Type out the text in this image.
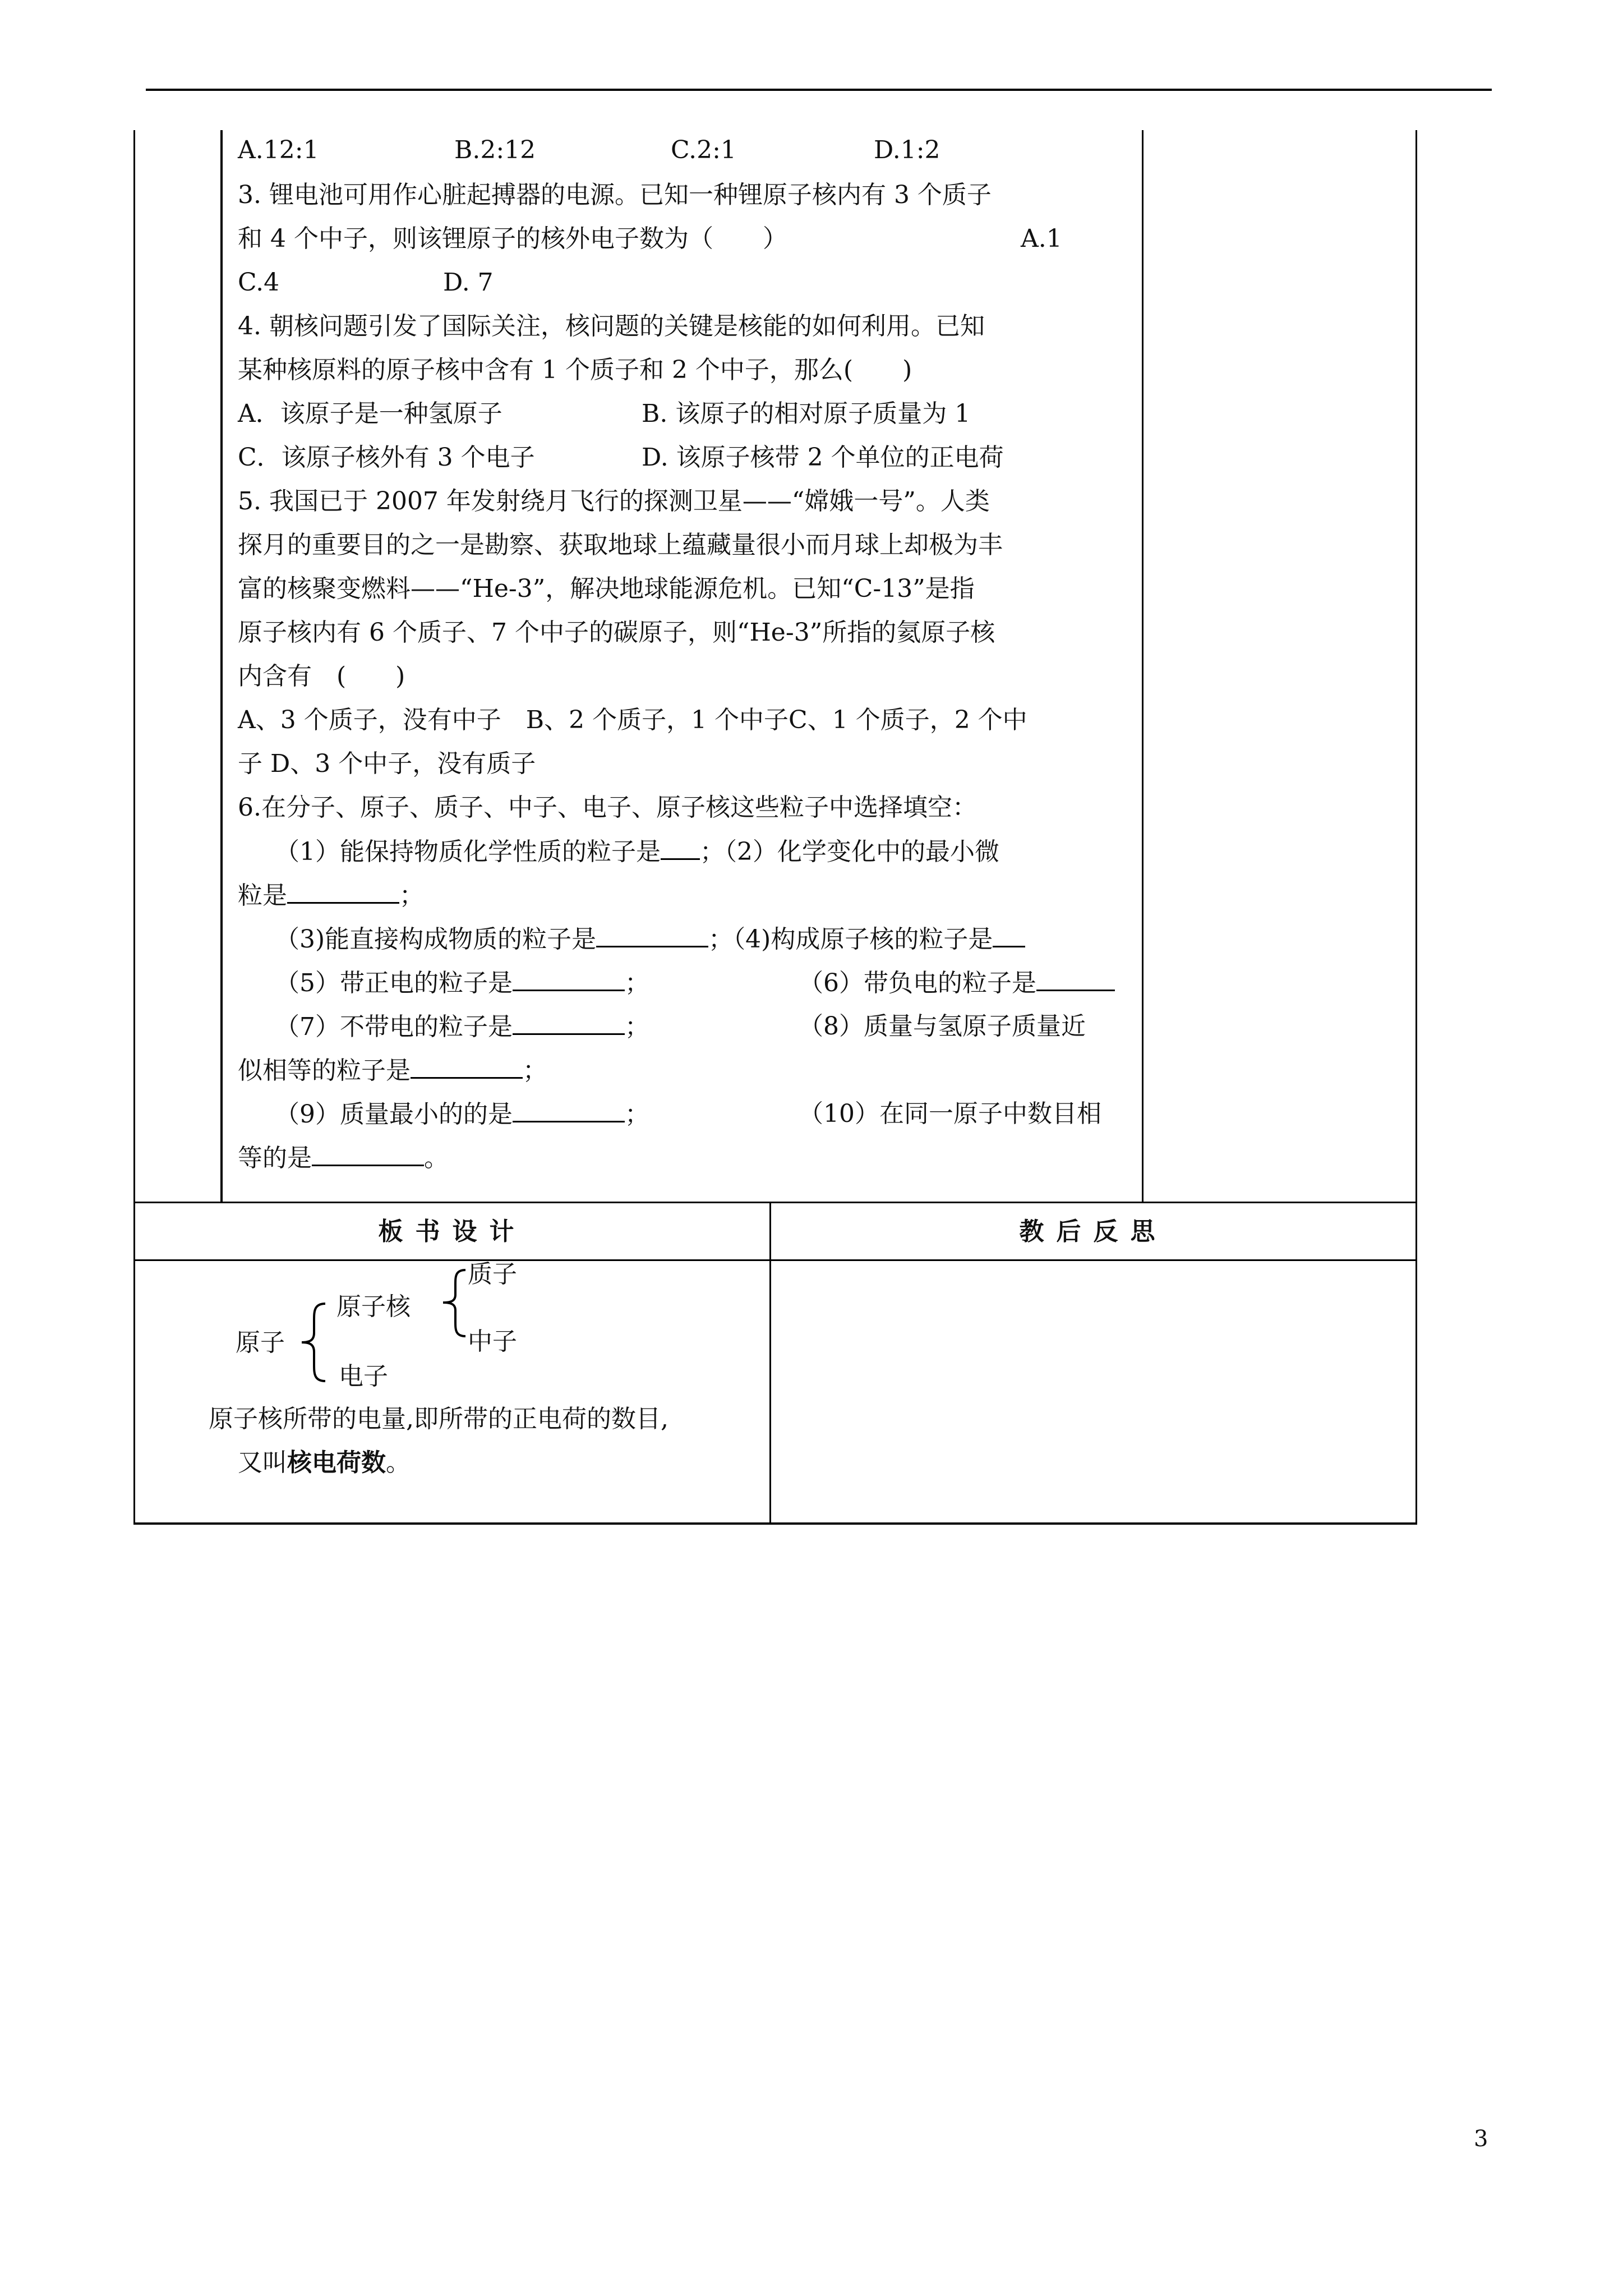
A.12:1	B.2:12	C.2:1	D.1:2
3. 锂电池可用作心脏起搏器的电源。已知一种锂原子核内有 3 个质子
和 4 个中子，则该锂原子的核外电子数为（　　）	A.1
C.4	D. 7
4. 朝核问题引发了国际关注，核问题的关键是核能的如何利用。已知
某种核原料的原子核中含有 1 个质子和 2 个中子，那么(　　)
A．该原子是一种氢原子	B. 该原子的相对原子质量为 1
C．该原子核外有 3 个电子	D. 该原子核带 2 个单位的正电荷
5. 我国已于 2007 年发射绕月飞行的探测卫星——“嫦娥一号”。人类
探月的重要目的之一是勘察、获取地球上蕴藏量很小而月球上却极为丰
富的核聚变燃料——“He-3”，解决地球能源危机。已知“C-13”是指
原子核内有 6 个质子、7 个中子的碳原子，则“He-3”所指的氦原子核
内含有　(　　)
A、3 个质子，没有中子　B、2 个质子，1 个中子C、1 个质子，2 个中
子 D、3 个中子，没有质子
6.在分子、原子、质子、中子、电子、原子核这些粒子中选择填空：
（1）能保持物质化学性质的粒子是 ；（2）化学变化中的最小微
粒是	；
（3)能直接构成物质的粒子是	；（4)构成原子核的粒子是
（5）带正电的粒子是	；	（6）带负电的粒子是
（7）不带电的粒子是	；	（8）质量与氢原子质量近
似相等的粒子是	；
（9）质量最小的的是	；	（10）在同一原子中数目相
等的是	。
板书设计	教后反思
原子
原子核
电子
质子
中子
原子核所带的电量,即所带的正电荷的数目,
又叫核电荷数。
3
